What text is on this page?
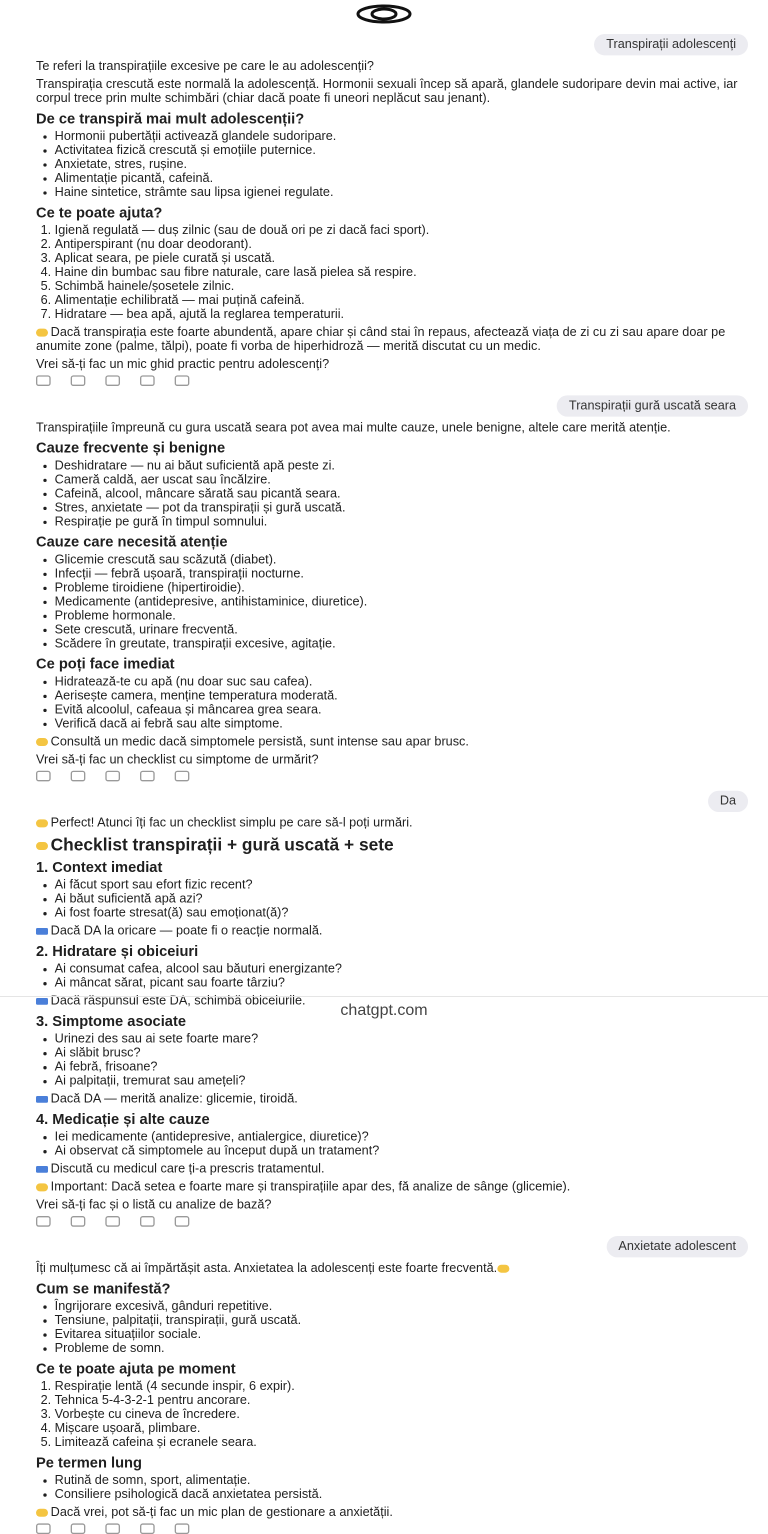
Transpirații adolescenți

Te referi la transpirațiile excesive pe care le au adolescenții?

Transpirația crescută este normală la adolescență. Hormonii sexuali încep să apară, glandele sudoripare devin mai active, iar corpul trece prin multe schimbări (chiar dacă poate fi uneori neplăcut sau jenant).

De ce transpiră mai mult adolescenții?
• Hormonii pubertății activează glandele sudoripare.
• Activitatea fizică crescută și emoțiile puternice.
• Anxietate, stres, rușine.
• Alimentație picantă, cafeină.
• Haine sintetice, strâmte sau lipsa igienei regulate.
Ce te poate ajuta?
1. Igienă regulată — duș zilnic (sau de două ori pe zi dacă faci sport).
2. Antiperspirant (nu doar deodorant).
3. Aplicat seara, pe piele curată și uscată.
4. Haine din bumbac sau fibre naturale, care lasă pielea să respire.
5. Schimbă hainele/șosetele zilnic.
6. Alimentație echilibrată — mai puțină cafeină.
7. Hidratare — bea apă, ajută la reglarea temperaturii.

Dacă transpirația este foarte abundentă, apare chiar și când stai în repaus, afectează viața de zi cu zi sau apare doar pe anumite zone (palme, tălpi), poate fi vorba de hiperhidroză — merită discutat cu un medic.

Vrei să-ți fac un mic ghid practic pentru adolescenți?

Transpirații gură uscată seara

Transpirațiile împreună cu gura uscată seara pot avea mai multe cauze, unele benigne, altele care merită atenție.

Cauze frecvente și benigne
• Deshidratare — nu ai băut suficientă apă peste zi.
• Cameră caldă, aer uscat sau încălzire.
• Cafeină, alcool, mâncare sărată sau picantă seara.
• Stres, anxietate — pot da transpirații și gură uscată.
• Respirație pe gură în timpul somnului.
Cauze care necesită atenție
• Glicemie crescută sau scăzută (diabet).
• Infecții — febră ușoară, transpirații nocturne.
• Probleme tiroidiene (hipertiroidie).
• Medicamente (antidepresive, antihistaminice, diuretice).
• Probleme hormonale.
• Sete crescută, urinare frecventă.
• Scădere în greutate, transpirații excesive, agitație.
Ce poți face imediat
• Hidratează-te cu apă (nu doar suc sau cafea).
• Aerisește camera, menține temperatura moderată.
• Evită alcoolul, cafeaua și mâncarea grea seara.
• Verifică dacă ai febră sau alte simptome.

Consultă un medic dacă simptomele persistă, sunt intense sau apar brusc.

Vrei să-ți fac un checklist cu simptome de urmărit?

Da

Perfect! Atunci îți fac un checklist simplu pe care să-l poți urmări.

Checklist transpirații + gură uscată + sete
1. Context imediat
• Ai făcut sport sau efort fizic recent?
• Ai băut suficientă apă azi?
• Ai fost foarte stresat(ă) sau emoționat(ă)?

Dacă DA la oricare — poate fi o reacție normală.

2. Hidratare și obiceiuri
• Ai consumat cafea, alcool sau băuturi energizante?
• Ai mâncat sărat, picant sau foarte târziu?

Dacă răspunsul este DA, schimbă obiceiurile.

3. Simptome asociate
• Urinezi des sau ai sete foarte mare?
• Ai slăbit brusc?
• Ai febră, frisoane?
• Ai palpitații, tremurat sau amețeli?

Dacă DA — merită analize: glicemie, tiroidă.

4. Medicație și alte cauze
• Iei medicamente (antidepresive, antialergice, diuretice)?
• Ai observat că simptomele au început după un tratament?

Discută cu medicul care ți-a prescris tratamentul.

Important: Dacă setea e foarte mare și transpirațiile apar des, fă analize de sânge (glicemie).

Vrei să-ți fac și o listă cu analize de bază?

Anxietate adolescent

Îți mulțumesc că ai împărtășit asta. Anxietatea la adolescenți este foarte frecventă.

Cum se manifestă?
• Îngrijorare excesivă, gânduri repetitive.
• Tensiune, palpitații, transpirații, gură uscată.
• Evitarea situațiilor sociale.
• Probleme de somn.
Ce te poate ajuta pe moment
1. Respirație lentă (4 secunde inspir, 6 expir).
2. Tehnica 5-4-3-2-1 pentru ancorare.
3. Vorbește cu cineva de încredere.
4. Mișcare ușoară, plimbare.
5. Limitează cafeina și ecranele seara.
Pe termen lung
• Rutină de somn, sport, alimentație.
• Consiliere psihologică dacă anxietatea persistă.

Dacă vrei, pot să-ți fac un mic plan de gestionare a anxietății.

chatgpt.com
